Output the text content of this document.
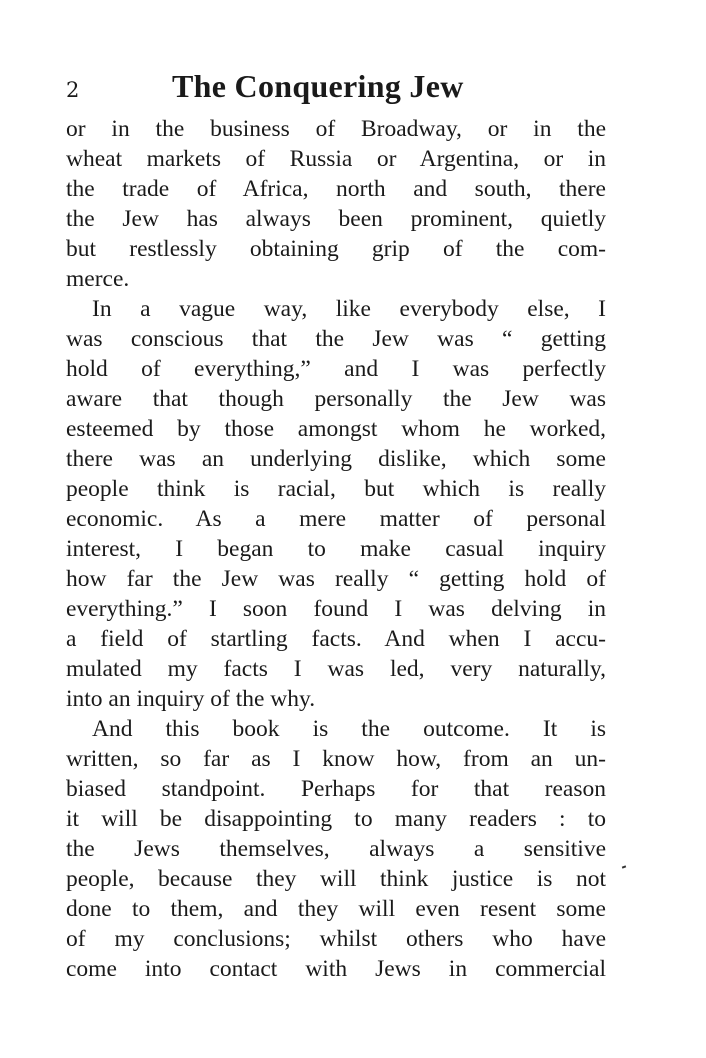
2	The Conquering Jew
or in the business of Broadway, or in the
wheat markets of Russia or Argentina, or in
the trade of Africa, north and south, there
the Jew has always been prominent, quietly
but restlessly obtaining grip of the com-
merce.
In a vague way, like everybody else, I
was conscious that the Jew was “ getting
hold of everything,” and I was perfectly
aware that though personally the Jew was
esteemed by those amongst whom he worked,
there was an underlying dislike, which some
people think is racial, but which is really
economic. As a mere matter of personal
interest, I began to make casual inquiry
how far the Jew was really “ getting hold of
everything.” I soon found I was delving in
a field of startling facts. And when I accu-
mulated my facts I was led, very naturally,
into an inquiry of the why.
And this book is the outcome. It is
written, so far as I know how, from an un-
biased standpoint. Perhaps for that reason
it will be disappointing to many readers : to
the Jews themselves, always a sensitive
people, because they will think justice is not
done to them, and they will even resent some
of my conclusions; whilst others who have
come into contact with Jews in commercial
